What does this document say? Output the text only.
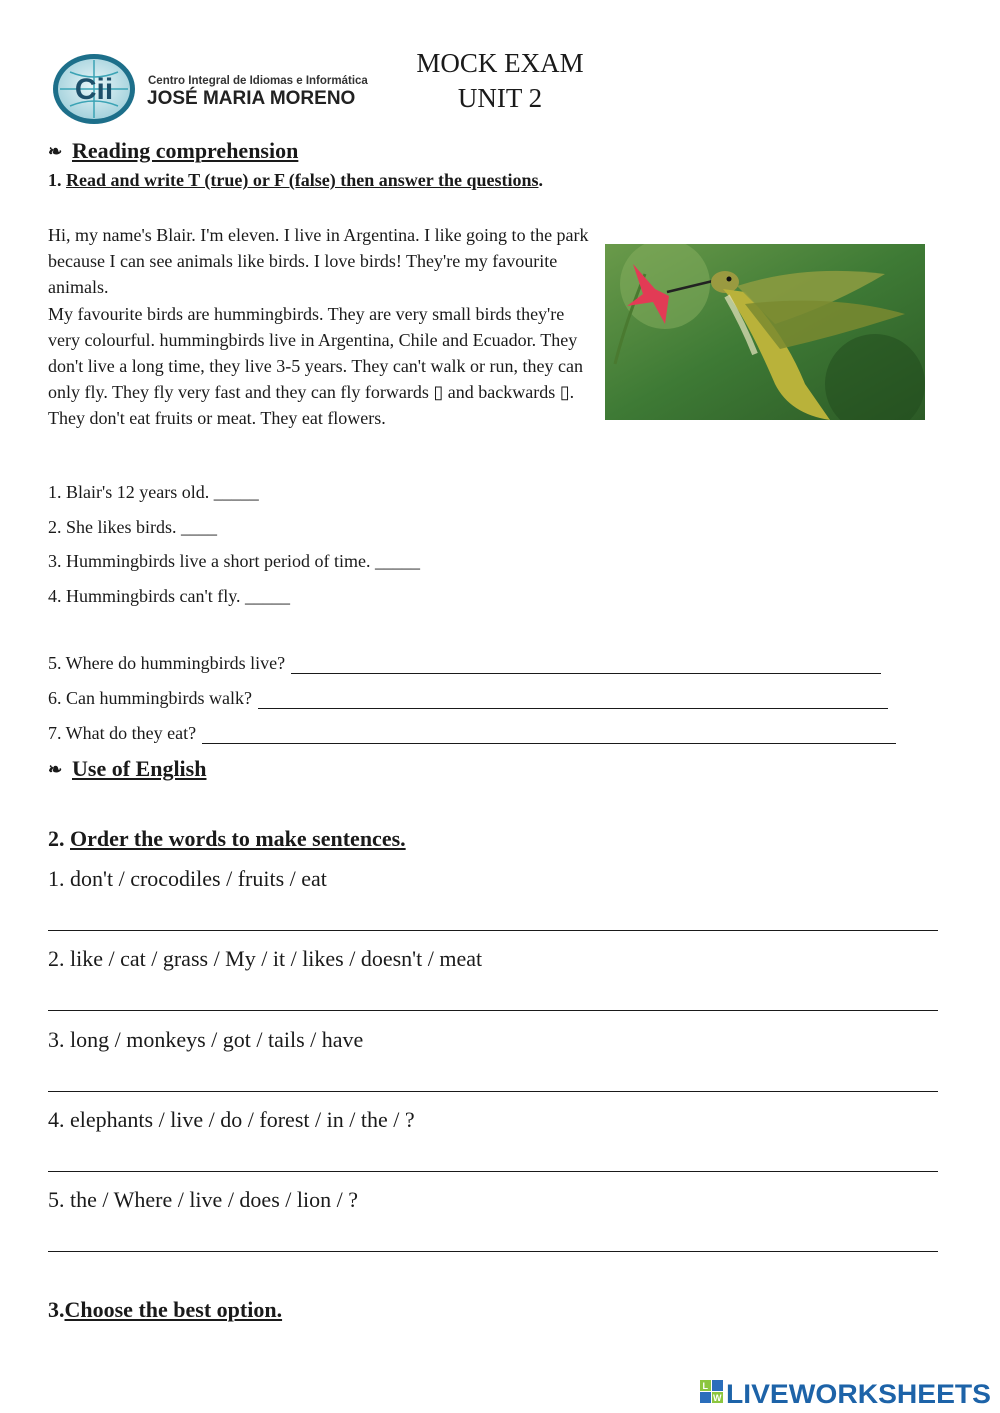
Cii	Centro Integral de Idiomas e Informática
JOSÉ MARIA MORENO
MOCK EXAM
UNIT 2
❧ Reading comprehension
1. Read and write T (true) or F (false) then answer the questions.

Hi, my name's Blair. I'm eleven. I live in Argentina. I like going to the park because I can see animals like birds. I love birds! They're my favourite animals.

My favourite birds are hummingbirds. They are very small birds they're very colourful. hummingbirds live in Argentina, Chile and Ecuador. They don't live a long time, they live 3-5 years. They can't walk or run, they can only fly. They fly very fast and they can fly forwards ▯ and backwards ▯. They don't eat fruits or meat. They eat flowers.

1. Blair's 12 years old. _____
2. She likes birds. ____
3. Hummingbirds live a short period of time. _____
4. Hummingbirds can't fly. _____
5. Where do hummingbirds live?
6. Can hummingbirds walk?
7. What do they eat?
❧ Use of English
2. Order the words to make sentences.
1. don't / crocodiles / fruits / eat
2. like / cat / grass / My / it / likes / doesn't / meat
3. long / monkeys / got / tails / have
4. elephants / live / do / forest / in / the / ?
5. the / Where / live / does / lion / ?
3.Choose the best option.
L
W LIVEWORKSHEETS
